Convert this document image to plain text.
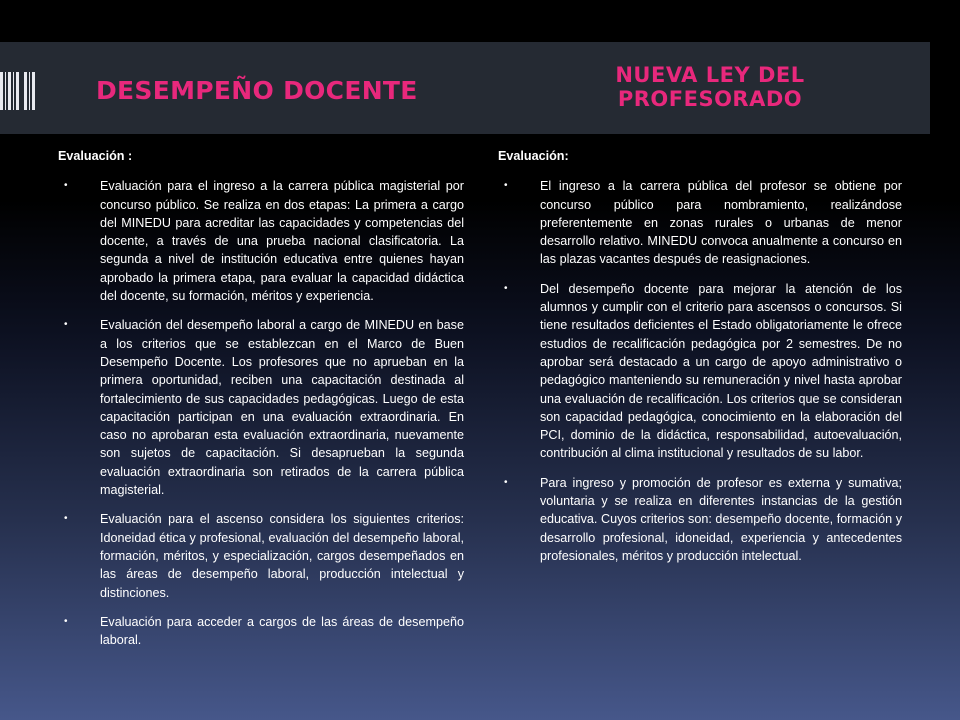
DESEMPEÑO DOCENTE
NUEVA LEY DEL PROFESORADO
Evaluación :
•	Evaluación para el ingreso a la carrera pública magisterial por concurso público. Se realiza en dos etapas: La primera a cargo del MINEDU para acreditar las capacidades y competencias del docente, a través de una prueba nacional clasificatoria. La segunda a nivel de institución educativa entre quienes hayan aprobado la primera etapa, para evaluar la capacidad didáctica del docente, su formación, méritos y experiencia.
•	Evaluación del desempeño laboral a cargo de MINEDU en base a los criterios que se establezcan en el Marco de Buen Desempeño Docente. Los profesores que no aprueban en la primera oportunidad, reciben una capacitación destinada al fortalecimiento de sus capacidades pedagógicas. Luego de esta capacitación participan en una evaluación extraordinaria. En caso no aprobaran esta evaluación extraordinaria, nuevamente son sujetos de capacitación. Si desaprueban la segunda evaluación extraordinaria son retirados de la carrera pública magisterial.
•	Evaluación para el ascenso considera los siguientes criterios: Idoneidad ética y profesional, evaluación del desempeño laboral, formación, méritos, y especialización, cargos desempeñados en las áreas de desempeño laboral, producción intelectual y distinciones.
•	Evaluación para acceder a cargos de las áreas de desempeño laboral.
Evaluación:
•	El ingreso a la carrera pública del profesor se obtiene por concurso público para nombramiento, realizándose preferentemente en zonas rurales o urbanas de menor desarrollo relativo. MINEDU convoca anualmente a concurso en las plazas vacantes después de reasignaciones.
•	Del desempeño docente para mejorar la atención de los alumnos y cumplir con el criterio para ascensos o concursos. Si tiene resultados deficientes el Estado obligatoriamente le ofrece estudios de recalificación pedagógica por 2 semestres. De no aprobar será destacado a un cargo de apoyo administrativo o pedagógico manteniendo su remuneración y nivel hasta aprobar una evaluación de recalificación. Los criterios que se consideran son capacidad pedagógica, conocimiento en la elaboración del PCI, dominio de la didáctica, responsabilidad, autoevaluación, contribución al clima institucional y resultados de su labor.
•	Para ingreso y promoción de profesor es externa y sumativa; voluntaria y se realiza en diferentes instancias de la gestión educativa. Cuyos criterios son: desempeño docente, formación y desarrollo profesional, idoneidad, experiencia y antecedentes profesionales, méritos y producción intelectual.
